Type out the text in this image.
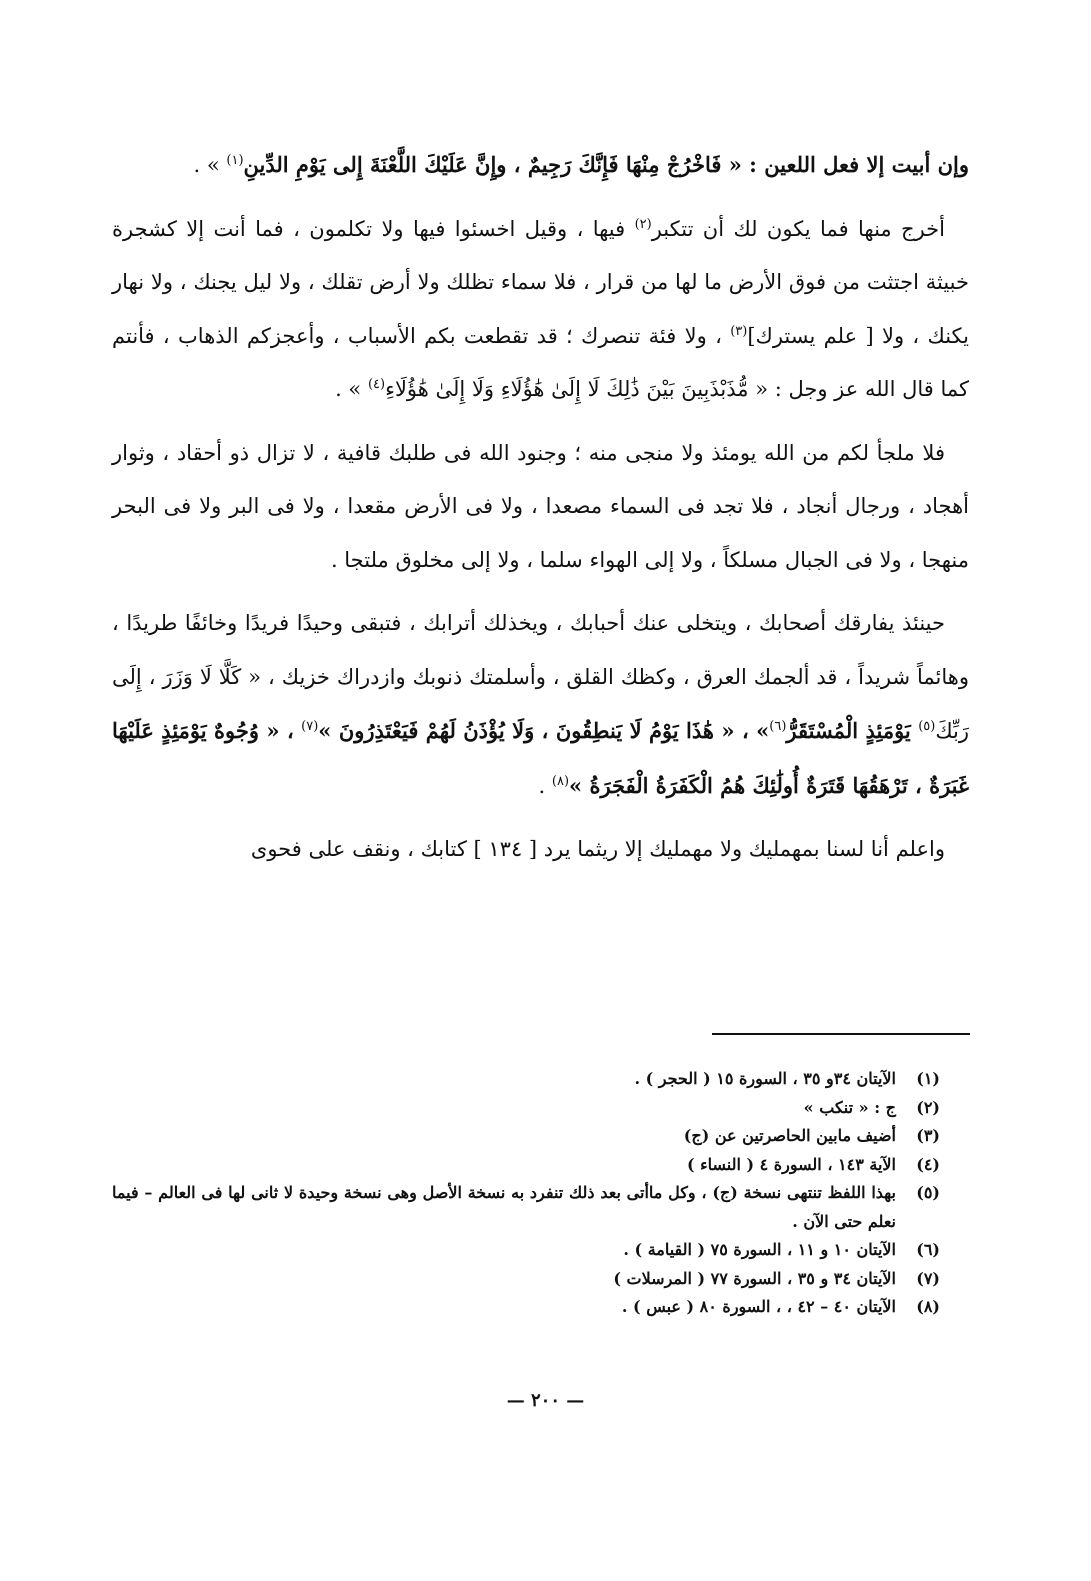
وإن أبيت إلا فعل اللعين : « فَاخْرُجْ مِنْهَا فَإِنَّكَ رَجِيمٌ ، وإِنَّ عَلَيْكَ اللَّعْنَةَ إِلى يَوْمِ الدِّينِ$^{(١)}$ » .

أخرج منها فما يكون لك أن تتكبر$^{(٢)}$ فيها ، وقيل اخسئوا فيها ولا تكلمون ، فما أنت إلا كشجرة خبيثة اجتثت من فوق الأرض ما لها من قرار ، فلا سماء تظلك ولا أرض تقلك ، ولا ليل يجنك ، ولا نهار يكنك ، ولا [ علم يسترك]$^{(٣)}$ ، ولا فئة تنصرك ؛ قد تقطعت بكم الأسباب ، وأعجزكم الذهاب ، فأنتم كما قال الله عز وجل : « مُّذَبْذَبِينَ بَيْنَ ذَٰلِكَ لَا إِلَىٰ هَٰؤُلَاءِ وَلَا إِلَىٰ هَٰؤُلَاءِ$^{(٤)}$ » .

فلا ملجأ لكم من الله يومئذ ولا منجى منه ؛ وجنود الله فى طلبك قافية ، لا تزال ذو أحقاد ، وثوار أهجاد ، ورجال أنجاد ، فلا تجد فى السماء مصعدا ، ولا فى الأرض مقعدا ، ولا فى البر ولا فى البحر منهجا ، ولا فى الجبال مسلكاً ، ولا إلى الهواء سلما ، ولا إلى مخلوق ملتجا .

حينئذ يفارقك أصحابك ، ويتخلى عنك أحبابك ، ويخذلك أترابك ، فتبقى وحيدًا فريدًا وخائفًا طريدًا ، وهائماً شريداً ، قد ألجمك العرق ، وكظك القلق ، وأسلمتك ذنوبك وازدراك خزيك ، « كَلَّا لَا وَزَرَ ، إِلَى رَبِّكَ$^{(٥)}$ يَوْمَئِذٍ الْمُسْتَقَرُّ$^{(٦)}$» ، « هَٰذَا يَوْمُ لَا يَنطِقُونَ ، وَلَا يُؤْذَنُ لَهُمْ فَيَعْتَذِرُونَ »$^{(٧)}$ ، « وُجُوهٌ يَوْمَئِذٍ عَلَيْهَا غَبَرَةٌ ، تَرْهَقُهَا قَتَرَةٌ أُولَٰئِكَ هُمُ الْكَفَرَةُ الْفَجَرَةُ »$^{(٨)}$ .

واعلم أنا لسنا بمهمليك ولا مهمليك إلا ريثما يرد [ ١٣٤ ] كتابك ، ونقف على فحوى

(١)
الآيتان ٣٤و ٣٥ ، السورة ١٥ ( الحجر ) .
(٢)
ج : « تنكب »
(٣)
أضيف مابين الحاصرتين عن (ج)
(٤)
الآية ١٤٣ ، السورة ٤ ( النساء )
(٥)
بهذا اللفظ تنتهى نسخة (ج) ، وكل ماأتى بعد ذلك تنفرد به نسخة الأصل وهى نسخة وحيدة لا ثانى لها فى العالم – فيما نعلم حتى الآن .
(٦)
الآيتان ١٠ و ١١ ، السورة ٧٥ ( القيامة ) .
(٧)
الآيتان ٣٤ و ٣٥ ، السورة ٧٧ ( المرسلات )
(٨)
الآيتان ٤٠ – ٤٢ ، ، السورة ٨٠ ( عبس ) .
— ٢٠٠ —
